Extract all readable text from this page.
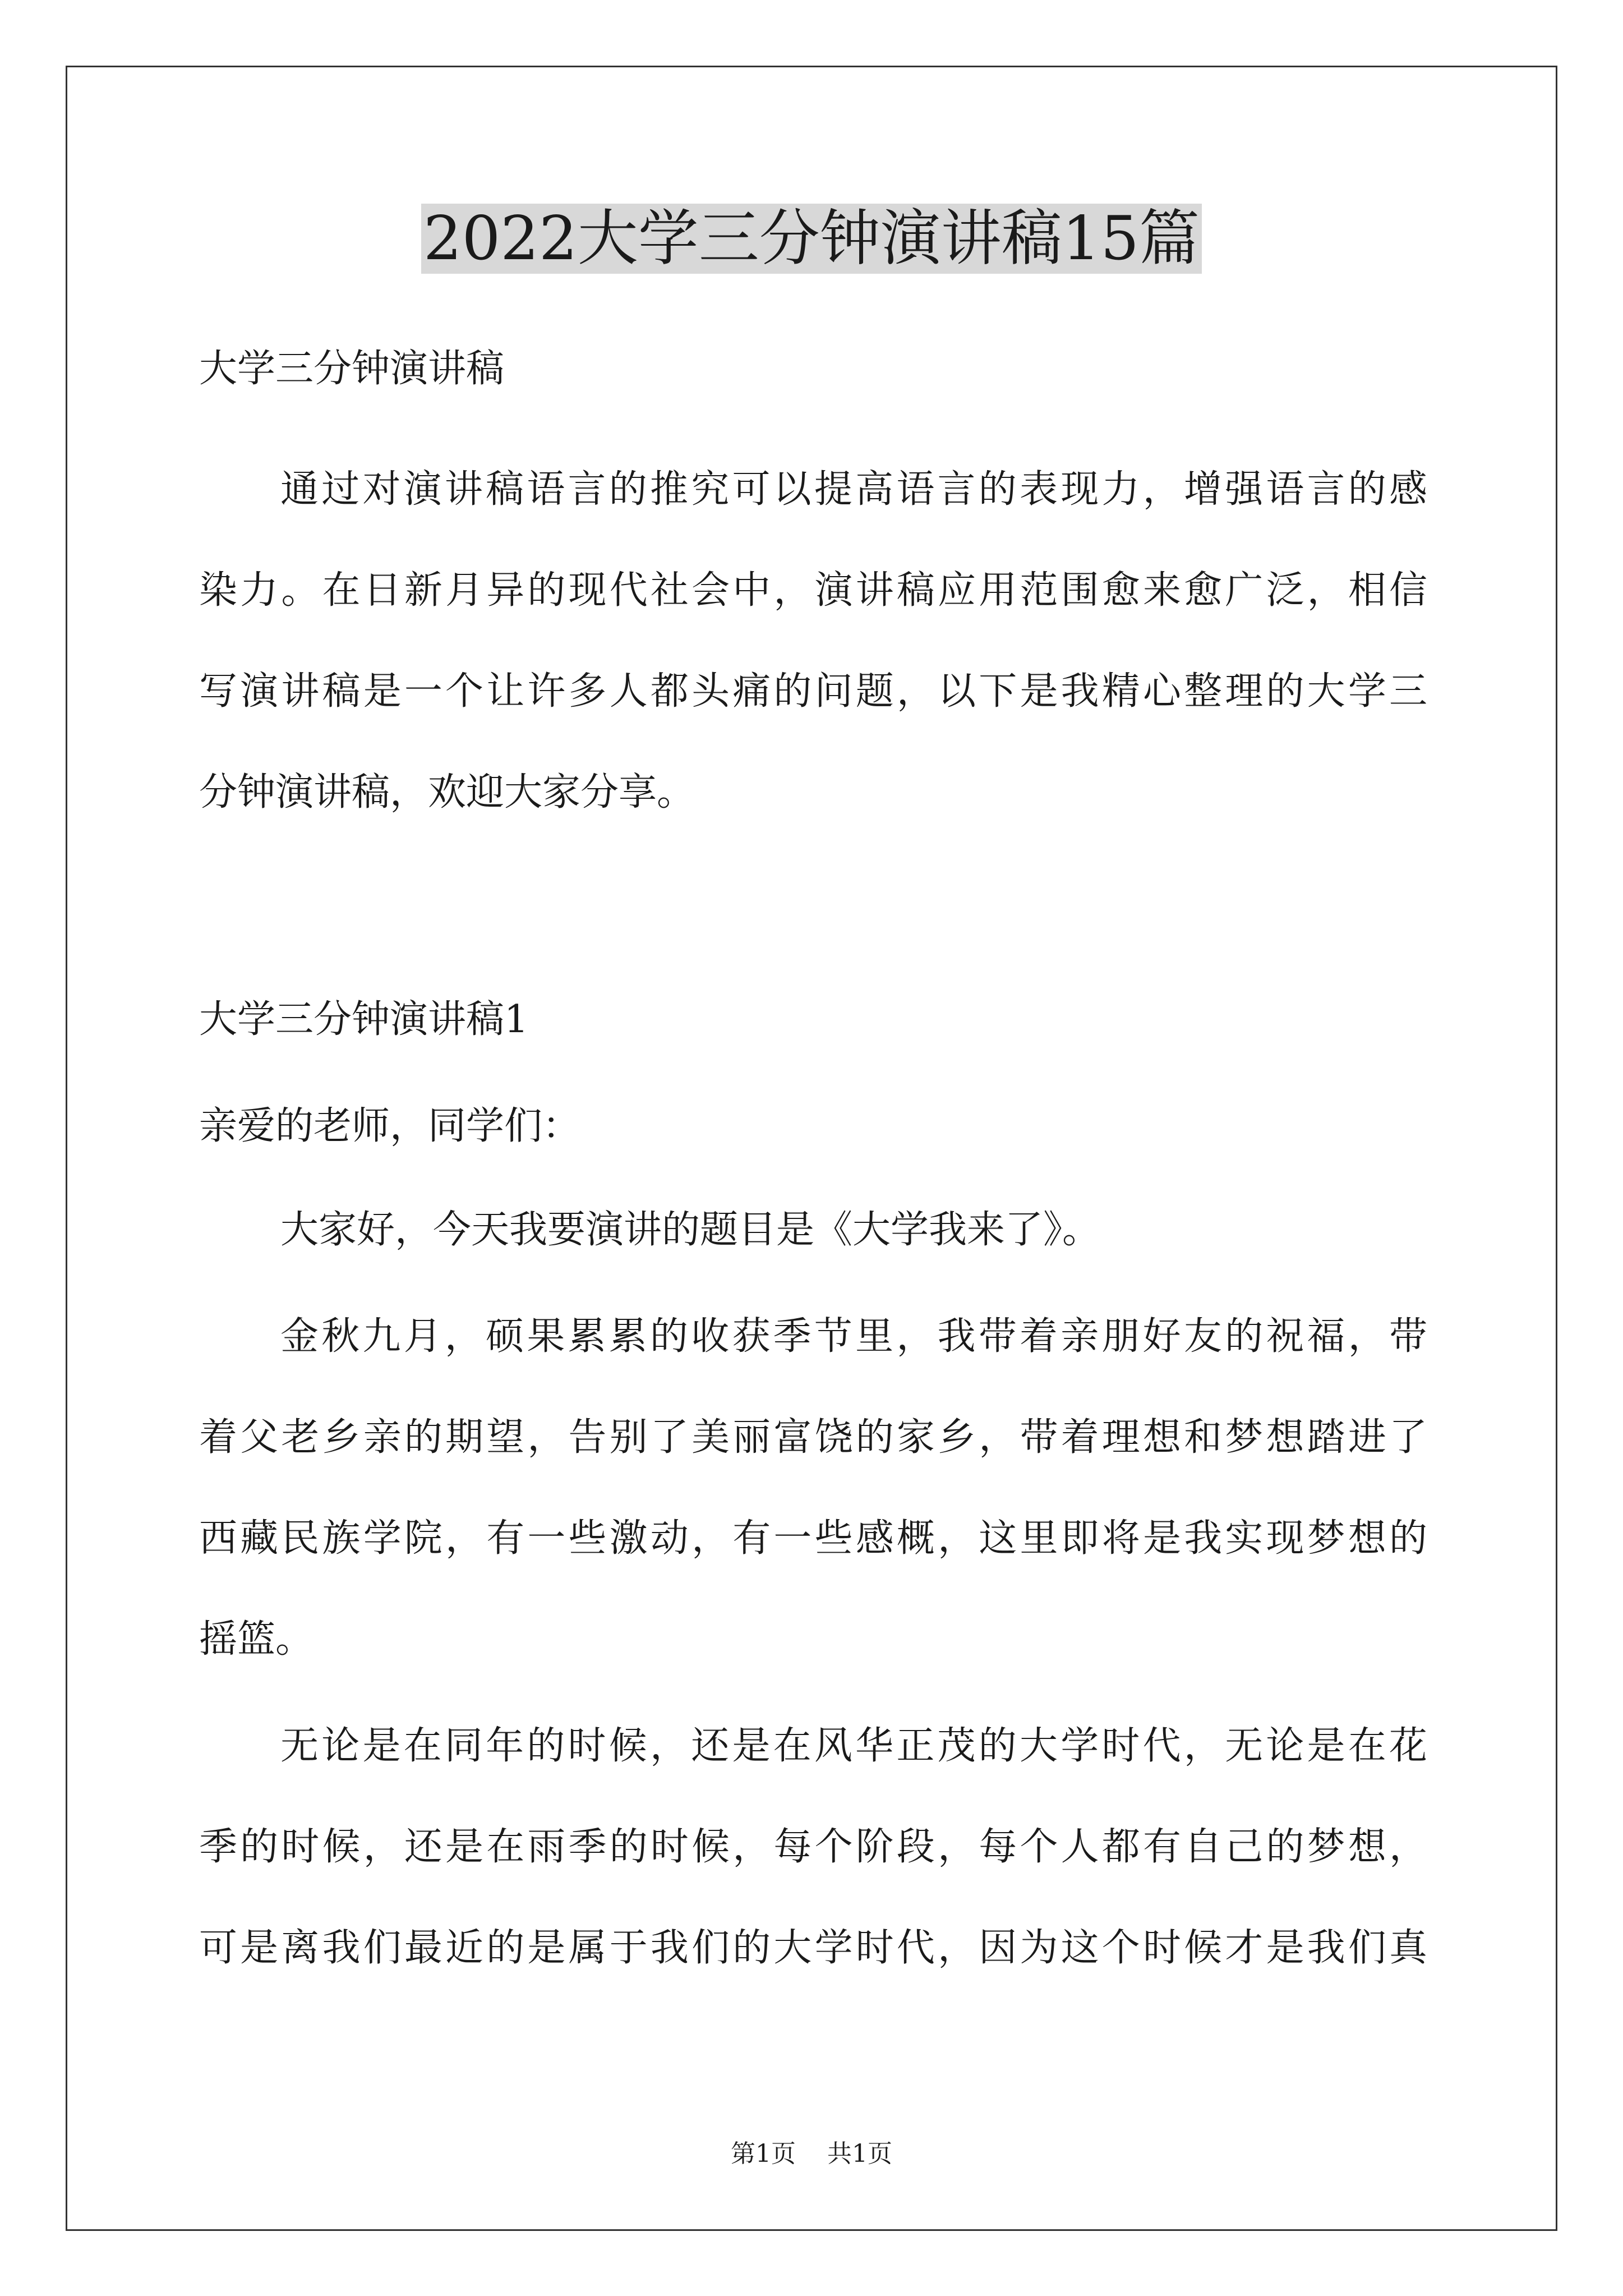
2022大学三分钟演讲稿15篇
大学三分钟演讲稿
通过对演讲稿语言的推究可以提高语言的表现力，增强语言的感
染力。在日新月异的现代社会中，演讲稿应用范围愈来愈广泛，相信
写演讲稿是一个让许多人都头痛的问题，以下是我精心整理的大学三
分钟演讲稿，欢迎大家分享。
大学三分钟演讲稿1
亲爱的老师，同学们：
大家好，今天我要演讲的题目是《大学我来了》。
金秋九月，硕果累累的收获季节里，我带着亲朋好友的祝福，带
着父老乡亲的期望，告别了美丽富饶的家乡，带着理想和梦想踏进了
西藏民族学院，有一些激动，有一些感概，这里即将是我实现梦想的
摇篮。
无论是在同年的时候，还是在风华正茂的大学时代，无论是在花
季的时候，还是在雨季的时候，每个阶段，每个人都有自己的梦想，
可是离我们最近的是属于我们的大学时代，因为这个时候才是我们真
第1页 共1页
